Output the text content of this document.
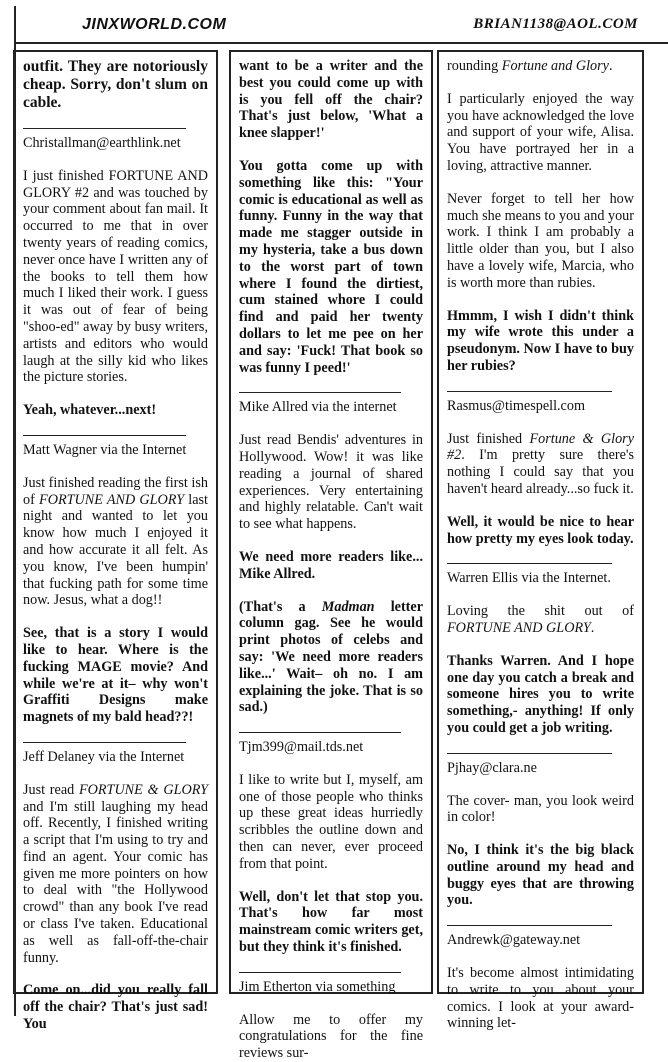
JINXWORLD.COM	BRIAN1138@AOL.COM

outfit. They are notoriously cheap. Sorry, don't slum on cable.

Christallman@earthlink.net

I just finished FORTUNE AND GLORY #2 and was touched by your comment about fan mail. It occurred to me that in over twenty years of reading comics, never once have I written any of the books to tell them how much I liked their work. I guess it was out of fear of being "shoo-ed" away by busy writers, artists and editors who would laugh at the silly kid who likes the picture stories.

Yeah, whatever...next!

Matt Wagner via the Internet

Just finished reading the first ish of FORTUNE AND GLORY last night and wanted to let you know how much I enjoyed it and how accurate it all felt. As you know, I've been humpin' that fucking path for some time now. Jesus, what a dog!!

See, that is a story I would like to hear. Where is the fucking MAGE movie? And while we're at it– why won't Graffiti Designs make magnets of my bald head??!

Jeff Delaney via the Internet

Just read FORTUNE & GLORY and I'm still laughing my head off. Recently, I finished writing a script that I'm using to try and find an agent. Your comic has given me more pointers on how to deal with "the Hollywood crowd" than any book I've read or class I've taken. Educational as well as fall-off-the-chair funny.

Come on...did you really fall off the chair? That's just sad! You

want to be a writer and the best you could come up with is you fell off the chair? That's just below, 'What a knee slapper!'

You gotta come up with something like this: "Your comic is educational as well as funny. Funny in the way that made me stagger outside in my hysteria, take a bus down to the worst part of town where I found the dirtiest, cum stained whore I could find and paid her twenty dollars to let me pee on her and say: 'Fuck! That book so was funny I peed!'

Mike Allred via the internet

Just read Bendis' adventures in Hollywood. Wow! it was like reading a journal of shared experiences. Very entertaining and highly relatable. Can't wait to see what happens.

We need more readers like... Mike Allred.

(That's a Madman letter column gag. See he would print photos of celebs and say: 'We need more readers like...' Wait– oh no. I am explaining the joke. That is so sad.)

Tjm399@mail.tds.net

I like to write but I, myself, am one of those people who thinks up these great ideas hurriedly scribbles the outline down and then can never, ever proceed from that point.

Well, don't let that stop you. That's how far most mainstream comic writers get, but they think it's finished.

Jim Etherton via something

Allow me to offer my congratulations for the fine reviews sur-

rounding Fortune and Glory.

I particularly enjoyed the way you have acknowledged the love and support of your wife, Alisa. You have portrayed her in a loving, attractive manner.

Never forget to tell her how much she means to you and your work. I think I am probably a little older than you, but I also have a lovely wife, Marcia, who is worth more than rubies.

Hmmm, I wish I didn't think my wife wrote this under a pseudonym. Now I have to buy her rubies?

Rasmus@timespell.com

Just finished Fortune & Glory #2. I'm pretty sure there's nothing I could say that you haven't heard already...so fuck it.

Well, it would be nice to hear how pretty my eyes look today.

Warren Ellis via the Internet.

Loving the shit out of FORTUNE AND GLORY.

Thanks Warren. And I hope one day you catch a break and someone hires you to write something,- anything! If only you could get a job writing.

Pjhay@clara.ne

The cover- man, you look weird in color!

No, I think it's the big black outline around my head and buggy eyes that are throwing you.

Andrewk@gateway.net

It's become almost intimidating to write to you about your comics. I look at your award-winning let-
